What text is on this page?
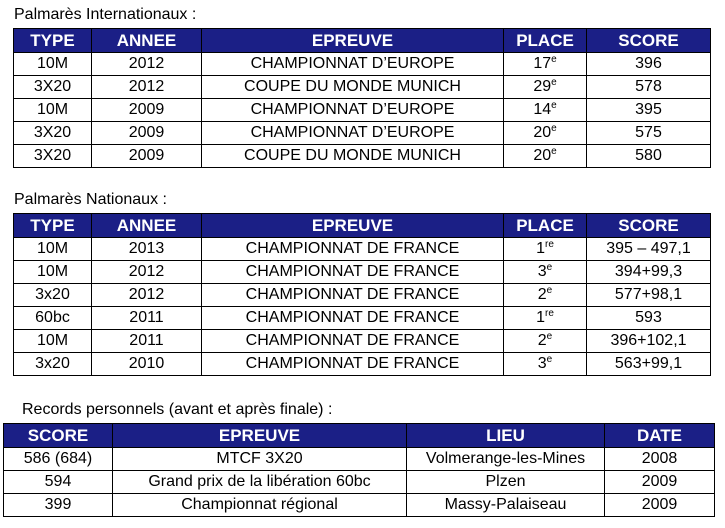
Palmarès Internationaux :
TYPE	ANNEE	EPREUVE	PLACE	SCORE
10M	2012	CHAMPIONNAT D’EUROPE	17e	396
3X20	2012	COUPE DU MONDE MUNICH	29e	578
10M	2009	CHAMPIONNAT D’EUROPE	14e	395
3X20	2009	CHAMPIONNAT D’EUROPE	20e	575
3X20	2009	COUPE DU MONDE MUNICH	20e	580
Palmarès Nationaux :
TYPE	ANNEE	EPREUVE	PLACE	SCORE
10M	2013	CHAMPIONNAT DE FRANCE	1re	395 – 497,1
10M	2012	CHAMPIONNAT DE FRANCE	3e	394+99,3
3x20	2012	CHAMPIONNAT DE FRANCE	2e	577+98,1
60bc	2011	CHAMPIONNAT DE FRANCE	1re	593
10M	2011	CHAMPIONNAT DE FRANCE	2e	396+102,1
3x20	2010	CHAMPIONNAT DE FRANCE	3e	563+99,1
Records personnels (avant et après finale) :
SCORE	EPREUVE	LIEU	DATE
586 (684)	MTCF 3X20	Volmerange-les-Mines	2008
594	Grand prix de la libération 60bc	Plzen	2009
399	Championnat régional	Massy-Palaiseau	2009
